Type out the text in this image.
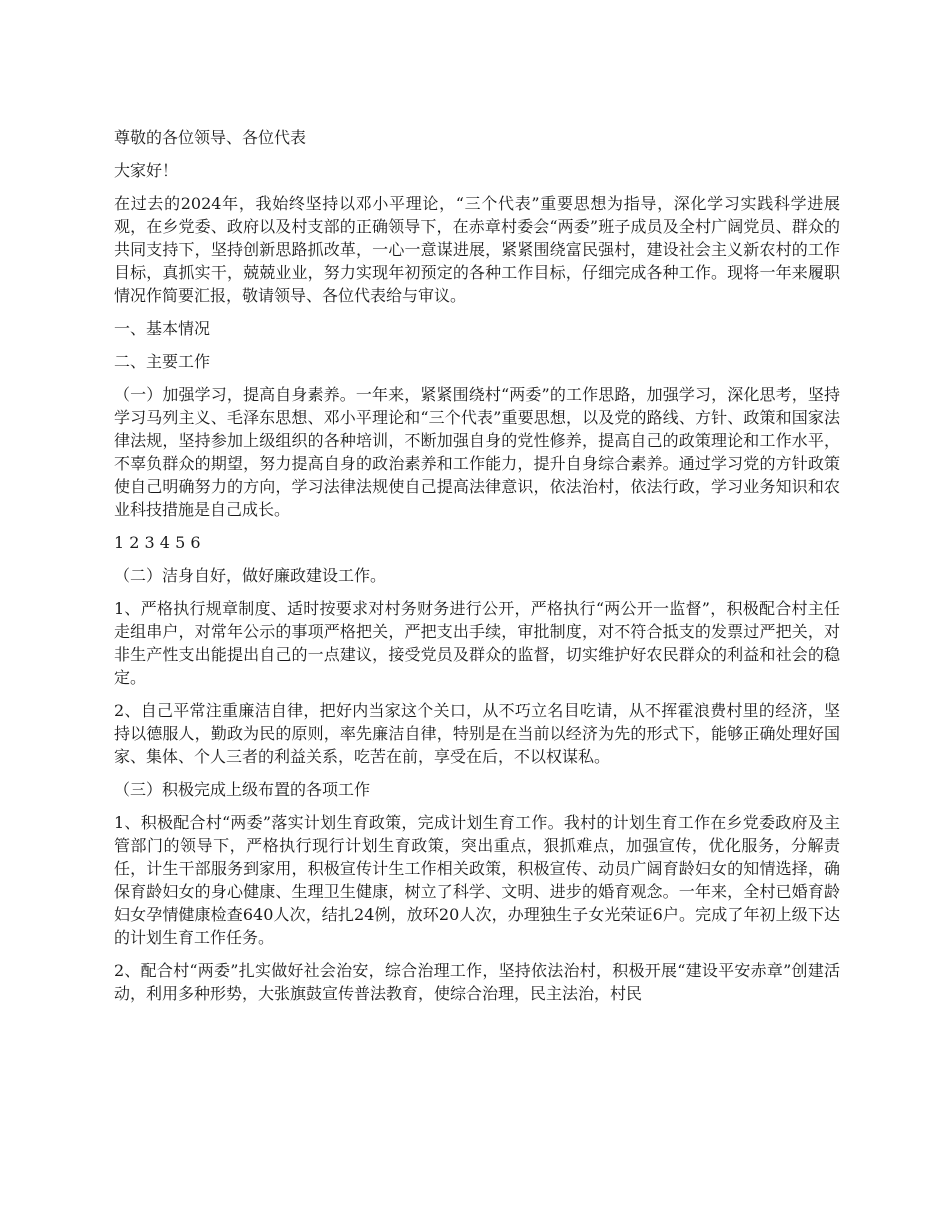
尊敬的各位领导、各位代表

大家好！

在过去的2024年，我始终坚持以邓小平理论，“三个代表”重要思想为指导，深化学习实践科学进展观，在乡党委、政府以及村支部的正确领导下，在赤章村委会“两委”班子成员及全村广阔党员、群众的共同支持下，坚持创新思路抓改革，一心一意谋进展，紧紧围绕富民强村，建设社会主义新农村的工作目标，真抓实干，兢兢业业，努力实现年初预定的各种工作目标，仔细完成各种工作。现将一年来履职情况作简要汇报，敬请领导、各位代表给与审议。

一、基本情况

二、主要工作

（一）加强学习，提高自身素养。一年来，紧紧围绕村“两委”的工作思路，加强学习，深化思考，坚持学习马列主义、毛泽东思想、邓小平理论和“三个代表”重要思想，以及党的路线、方针、政策和国家法律法规，坚持参加上级组织的各种培训，不断加强自身的党性修养，提高自己的政策理论和工作水平，不辜负群众的期望，努力提高自身的政治素养和工作能力，提升自身综合素养。通过学习党的方针政策使自己明确努力的方向，学习法律法规使自己提高法律意识，依法治村，依法行政，学习业务知识和农业科技措施是自己成长。

1 2 3 4 5 6

（二）洁身自好，做好廉政建设工作。

1、严格执行规章制度、适时按要求对村务财务进行公开，严格执行“两公开一监督”，积极配合村主任走组串户，对常年公示的事项严格把关，严把支出手续，审批制度，对不符合抵支的发票过严把关，对非生产性支出能提出自己的一点建议，接受党员及群众的监督，切实维护好农民群众的利益和社会的稳定。

2、自己平常注重廉洁自律，把好内当家这个关口，从不巧立名目吃请，从不挥霍浪费村里的经济，坚持以德服人，勤政为民的原则，率先廉洁自律，特别是在当前以经济为先的形式下，能够正确处理好国家、集体、个人三者的利益关系，吃苦在前，享受在后，不以权谋私。

（三）积极完成上级布置的各项工作

1、积极配合村“两委”落实计划生育政策，完成计划生育工作。我村的计划生育工作在乡党委政府及主管部门的领导下，严格执行现行计划生育政策，突出重点，狠抓难点，加强宣传，优化服务，分解责任，计生干部服务到家用，积极宣传计生工作相关政策，积极宣传、动员广阔育龄妇女的知情选择，确保育龄妇女的身心健康、生理卫生健康，树立了科学、文明、进步的婚育观念。一年来，全村已婚育龄妇女孕情健康检查640人次，结扎24例，放环20人次，办理独生子女光荣证6户。完成了年初上级下达的计划生育工作任务。

2、配合村“两委”扎实做好社会治安，综合治理工作，坚持依法治村，积极开展“建设平安赤章”创建活动，利用多种形势，大张旗鼓宣传普法教育，使综合治理，民主法治，村民
